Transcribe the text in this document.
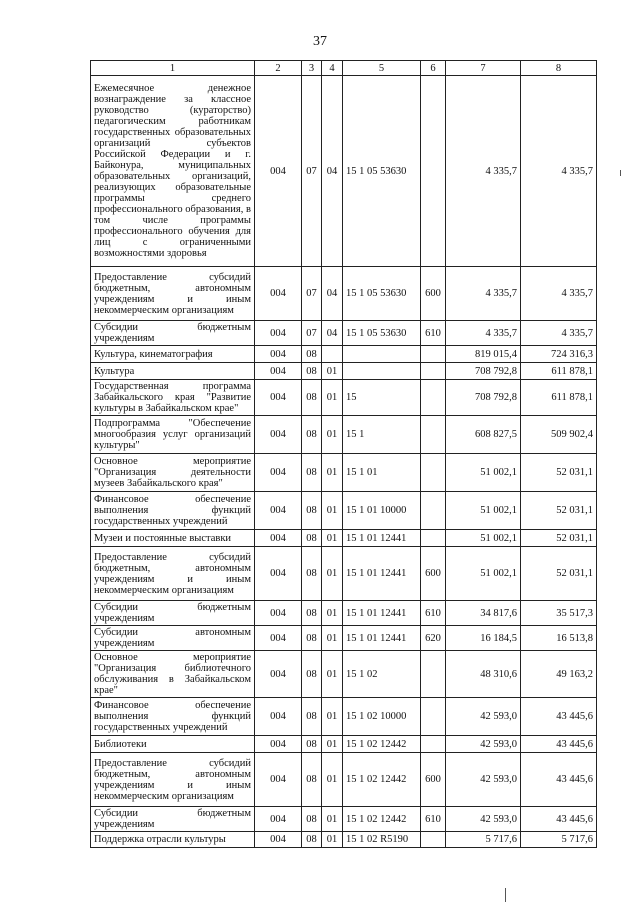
37
1	2	3	4	5	6	7	8
Ежемесячное денежное вознаграждение за классное руководство (кураторство) педагогическим работникам государственных образовательных организаций субъектов Российской Федерации и г. Байконура, муниципальных образовательных организаций, реализующих образовательные программы среднего профессионального образования, в том числе программы профессионального обучения для лиц с ограниченными возможностями здоровья	004	07	04	15 1 05 53630		4 335,7	4 335,7
Предоставление субсидий бюджетным, автономным учреждениям и иным некоммерческим организациям	004	07	04	15 1 05 53630	600	4 335,7	4 335,7
Субсидии бюджетным учреждениям	004	07	04	15 1 05 53630	610	4 335,7	4 335,7
Культура, кинематография	004	08				819 015,4	724 316,3
Культура	004	08	01			708 792,8	611 878,1
Государственная программа Забайкальского края "Развитие культуры в Забайкальском крае"	004	08	01	15		708 792,8	611 878,1
Подпрограмма "Обеспечение многообразия услуг организаций культуры"	004	08	01	15 1		608 827,5	509 902,4
Основное мероприятие "Организация деятельности музеев Забайкальского края"	004	08	01	15 1 01		51 002,1	52 031,1
Финансовое обеспечение выполнения функций государственных учреждений	004	08	01	15 1 01 10000		51 002,1	52 031,1
Музеи и постоянные выставки	004	08	01	15 1 01 12441		51 002,1	52 031,1
Предоставление субсидий бюджетным, автономным учреждениям и иным некоммерческим организациям	004	08	01	15 1 01 12441	600	51 002,1	52 031,1
Субсидии бюджетным учреждениям	004	08	01	15 1 01 12441	610	34 817,6	35 517,3
Субсидии автономным учреждениям	004	08	01	15 1 01 12441	620	16 184,5	16 513,8
Основное мероприятие "Организация библиотечного обслуживания в Забайкальском крае"	004	08	01	15 1 02		48 310,6	49 163,2
Финансовое обеспечение выполнения функций государственных учреждений	004	08	01	15 1 02 10000		42 593,0	43 445,6
Библиотеки	004	08	01	15 1 02 12442		42 593,0	43 445,6
Предоставление субсидий бюджетным, автономным учреждениям и иным некоммерческим организациям	004	08	01	15 1 02 12442	600	42 593,0	43 445,6
Субсидии бюджетным учреждениям	004	08	01	15 1 02 12442	610	42 593,0	43 445,6
Поддержка отрасли культуры	004	08	01	15 1 02 R5190		5 717,6	5 717,6
